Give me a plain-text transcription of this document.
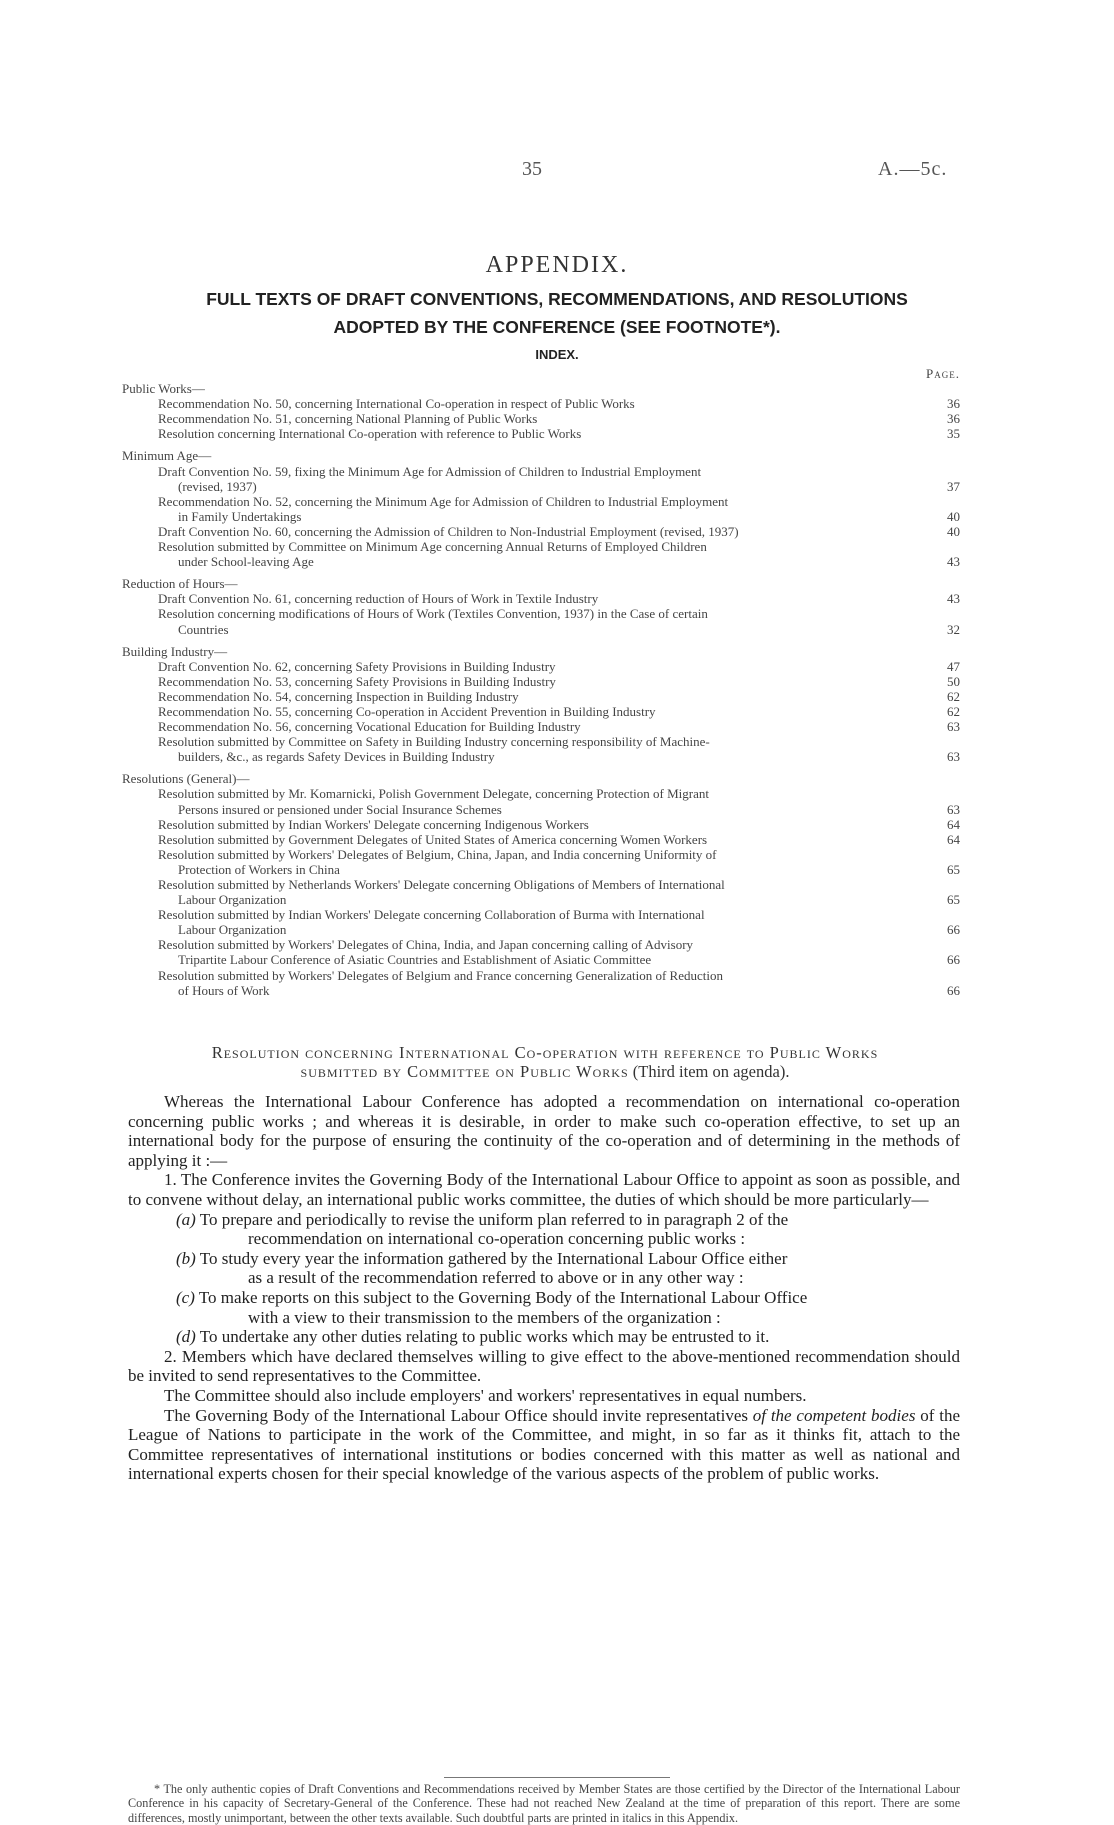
35	A.—5c.
APPENDIX.
FULL TEXTS OF DRAFT CONVENTIONS, RECOMMENDATIONS, AND RESOLUTIONS
ADOPTED BY THE CONFERENCE (SEE FOOTNOTE*).
INDEX.
Page.
Public Works—
Recommendation No. 50, concerning International Co-operation in respect of Public Works	36
Recommendation No. 51, concerning National Planning of Public Works	36
Resolution concerning International Co-operation with reference to Public Works	35
Minimum Age—
Draft Convention No. 59, fixing the Minimum Age for Admission of Children to Industrial Employment
(revised, 1937)	37
Recommendation No. 52, concerning the Minimum Age for Admission of Children to Industrial Employment
in Family Undertakings	40
Draft Convention No. 60, concerning the Admission of Children to Non-Industrial Employment (revised, 1937)	40
Resolution submitted by Committee on Minimum Age concerning Annual Returns of Employed Children
under School-leaving Age	43
Reduction of Hours—
Draft Convention No. 61, concerning reduction of Hours of Work in Textile Industry	43
Resolution concerning modifications of Hours of Work (Textiles Convention, 1937) in the Case of certain
Countries	32
Building Industry—
Draft Convention No. 62, concerning Safety Provisions in Building Industry	47
Recommendation No. 53, concerning Safety Provisions in Building Industry	50
Recommendation No. 54, concerning Inspection in Building Industry	62
Recommendation No. 55, concerning Co-operation in Accident Prevention in Building Industry	62
Recommendation No. 56, concerning Vocational Education for Building Industry	63
Resolution submitted by Committee on Safety in Building Industry concerning responsibility of Machine-
builders, &c., as regards Safety Devices in Building Industry	63
Resolutions (General)—
Resolution submitted by Mr. Komarnicki, Polish Government Delegate, concerning Protection of Migrant
Persons insured or pensioned under Social Insurance Schemes	63
Resolution submitted by Indian Workers' Delegate concerning Indigenous Workers	64
Resolution submitted by Government Delegates of United States of America concerning Women Workers	64
Resolution submitted by Workers' Delegates of Belgium, China, Japan, and India concerning Uniformity of
Protection of Workers in China	65
Resolution submitted by Netherlands Workers' Delegate concerning Obligations of Members of International
Labour Organization	65
Resolution submitted by Indian Workers' Delegate concerning Collaboration of Burma with International
Labour Organization	66
Resolution submitted by Workers' Delegates of China, India, and Japan concerning calling of Advisory
Tripartite Labour Conference of Asiatic Countries and Establishment of Asiatic Committee	66
Resolution submitted by Workers' Delegates of Belgium and France concerning Generalization of Reduction
of Hours of Work	66
Resolution concerning International Co-operation with reference to Public Works
submitted by Committee on Public Works (Third item on agenda).

Whereas the International Labour Conference has adopted a recommendation on international co-operation concerning public works ; and whereas it is desirable, in order to make such co-operation effective, to set up an international body for the purpose of ensuring the continuity of the co-operation and of determining in the methods of applying it :—

1. The Conference invites the Governing Body of the International Labour Office to appoint as soon as possible, and to convene without delay, an international public works committee, the duties of which should be more particularly—

(a) To prepare and periodically to revise the uniform plan referred to in paragraph 2 of the
recommendation on international co-operation concerning public works :
(b) To study every year the information gathered by the International Labour Office either
as a result of the recommendation referred to above or in any other way :
(c) To make reports on this subject to the Governing Body of the International Labour Office
with a view to their transmission to the members of the organization :
(d) To undertake any other duties relating to public works which may be entrusted to it.

2. Members which have declared themselves willing to give effect to the above-mentioned recommendation should be invited to send representatives to the Committee.

The Committee should also include employers' and workers' representatives in equal numbers.

The Governing Body of the International Labour Office should invite representatives of the competent bodies of the League of Nations to participate in the work of the Committee, and might, in so far as it thinks fit, attach to the Committee representatives of international institutions or bodies concerned with this matter as well as national and international experts chosen for their special knowledge of the various aspects of the problem of public works.

* The only authentic copies of Draft Conventions and Recommendations received by Member States are those certified by the Director of the International Labour Conference in his capacity of Secretary-General of the Conference. These had not reached New Zealand at the time of preparation of this report. There are some differences, mostly unimportant, between the other texts available. Such doubtful parts are printed in italics in this Appendix.
